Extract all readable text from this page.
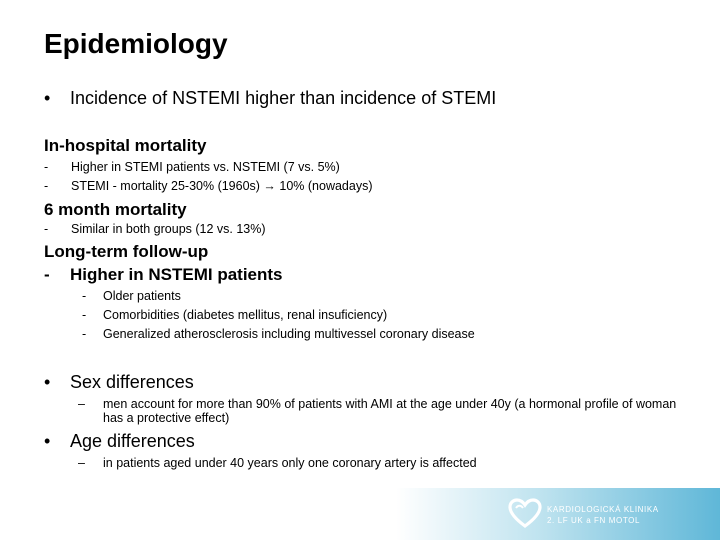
Epidemiology
• Incidence of NSTEMI higher than incidence of STEMI
In-hospital mortality
- Higher in STEMI patients vs. NSTEMI (7 vs. 5%)
- STEMI - mortality 25-30% (1960s) → 10% (nowadays)
6 month mortality
- Similar in both groups (12 vs. 13%)
Long-term follow-up
- Higher in NSTEMI patients
- Older patients
- Comorbidities (diabetes mellitus, renal insuficiency)
- Generalized atherosclerosis including multivessel coronary disease
• Sex differences
– men account for more than 90% of patients with AMI at the age under 40y (a hormonal profile of woman has a protective effect)
• Age differences
– in patients aged under 40 years only one coronary artery is affected
KARDIOLOGICKÁ KLINIKA
2. LF UK a FN MOTOL
